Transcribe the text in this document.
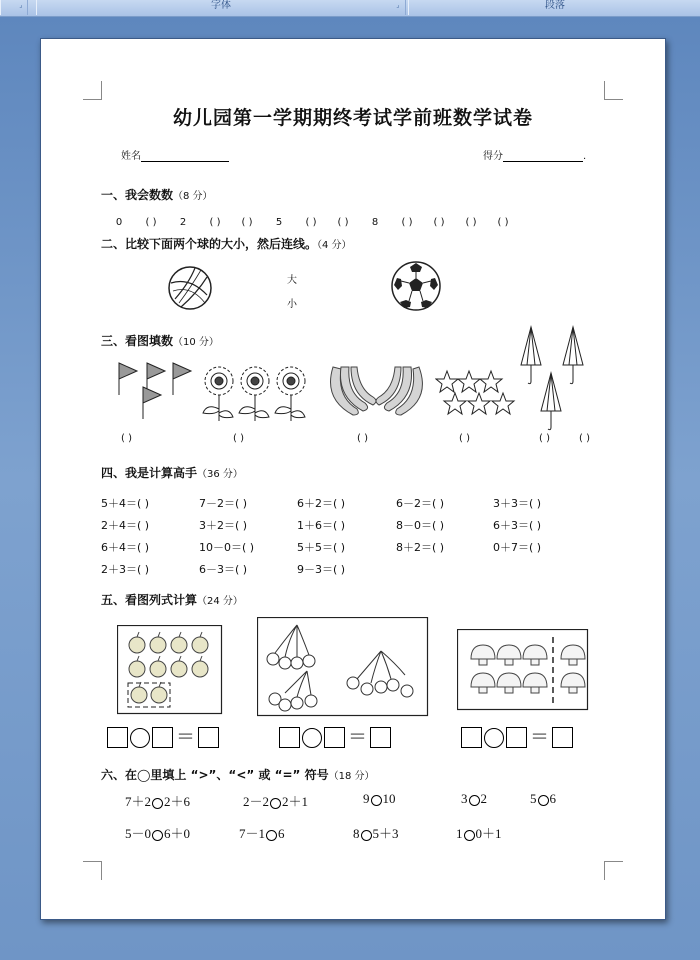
⌟	字体	⌟	段落
幼儿园第一学期期终考试学前班数学试卷
姓名	得分	.
一、我会数数（8 分）
0 ( ) 2 ( ) ( ) 5 ( ) ( ) 8 ( ) ( ) ( ) ( )
二、比较下面两个球的大小，然后连线。（4 分）
大
小
三、看图填数（10 分）
( )	( )	( )	( )	( )	( )
四、我是计算高手（36 分）
5＋4＝( )	7－2＝( )	6＋2＝( )	6－2＝( )	3＋3＝( )
2＋4＝( )	3＋2＝( )	1＋6＝( )	8－0＝( )	6＋3＝( )
6＋4＝( )	10－0＝( )	5＋5＝( )	8＋2＝( )	0＋7＝( )
2＋3＝( )	6－3＝( )	9－3＝( )
五、看图列式计算（24 分）
＝	＝	＝
六、在◯里填上 “>”、“<” 或 “=” 符号（18 分）
7＋2 2＋6	2－2 2＋1	9 10	3 2	5 6
5－0 6＋0	7－1 6	8 5＋3	1 0＋1
